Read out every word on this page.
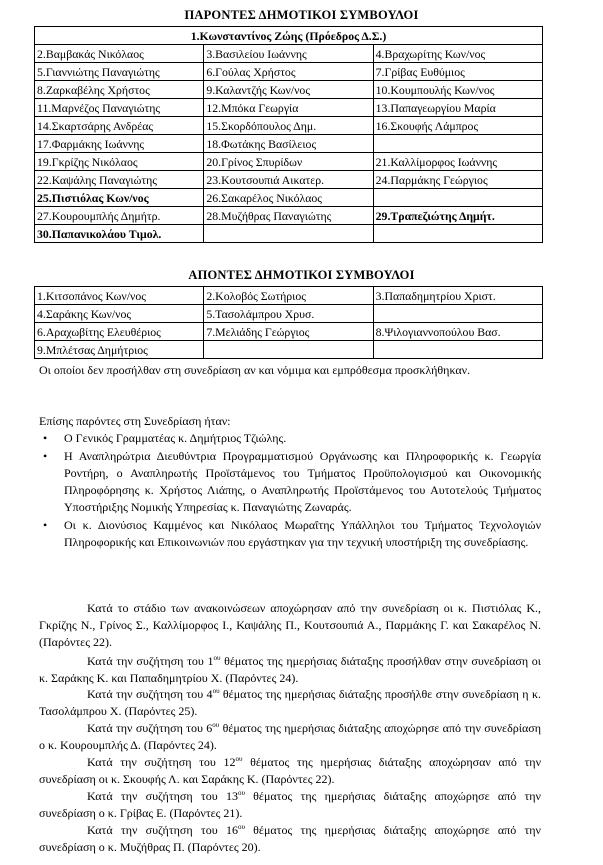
ΠΑΡΟΝΤΕΣ ΔΗΜΟΤΙΚΟΙ ΣΥΜΒΟΥΛΟΙ
1.Κωνσταντίνος Ζώης (Πρόεδρος Δ.Σ.)		
2.Βαμβακάς Νικόλαος	3.Βασιλείου Ιωάννης	4.Βραχωρίτης Κων/νος
5.Γιαννιώτης Παναγιώτης	6.Γούλας Χρήστος	7.Γρίβας Ευθύμιος
8.Ζαρκαβέλης Χρήστος	9.Καλαντζής Κων/νος	10.Κουμπουλής Κων/νος
11.Μαρνέζος Παναγιώτης	12.Μπόκα Γεωργία	13.Παπαγεωργίου Μαρία
14.Σκαρτσάρης Ανδρέας	15.Σκορδόπουλος Δημ.	16.Σκουφής Λάμπρος
17.Φαρμάκης Ιωάννης	18.Φωτάκης Βασίλειος	
19.Γκρίζης Νικόλαος	20.Γρίνος Σπυρίδων	21.Καλλίμορφος Ιωάννης
22.Καψάλης Παναγιώτης	23.Κουτσουπιά Αικατερ.	24.Παρμάκης Γεώργιος
25.Πιστιόλας Κων/νος	26.Σακαρέλος Νικόλαος	
27.Κουρουμπλής Δημήτρ.	28.Μυζήθρας Παναγιώτης	29.Τραπεζιώτης Δημήτ.
30.Παπανικολάου Τιμολ.		
ΑΠΟΝΤΕΣ ΔΗΜΟΤΙΚΟΙ ΣΥΜΒΟΥΛΟΙ
1.Κιτσοπάνος Κων/νος	2.Κολοβός Σωτήριος	3.Παπαδημητρίου Χριστ.
4.Σαράκης Κων/νος	5.Τασολάμπρου Χρυσ.	
6.Αραχωβίτης Ελευθέριος	7.Μελιάδης Γεώργιος	8.Ψιλογιαννοπούλου Βασ.
9.Μπλέτσας Δημήτριος		
Οι οποίοι δεν προσήλθαν στη συνεδρίαση αν και νόμιμα και εμπρόθεσμα προσκλήθηκαν.
Επίσης παρόντες στη Συνεδρίαση ήταν:
• Ο Γενικός Γραμματέας κ. Δημήτριος Τζιώλης.
• Η Αναπληρώτρια Διευθύντρια Προγραμματισμού Οργάνωσης και Πληροφορικής κ. Γεωργία Ροντήρη, ο Αναπληρωτής Προϊστάμενος του Τμήματος Προϋπολογισμού και Οικονομικής Πληροφόρησης κ. Χρήστος Λιάπης, ο Αναπληρωτής Προϊστάμενος του Αυτοτελούς Τμήματος Υποστήριξης Νομικής Υπηρεσίας κ. Παναγιώτης Ζωναράς.
• Οι κ. Διονύσιος Καμμένος και Νικόλαος Μωραΐτης Υπάλληλοι του Τμήματος Τεχνολογιών Πληροφορικής και Επικοινωνιών που εργάστηκαν για την τεχνική υποστήριξη της συνεδρίασης.
Κατά το στάδιο των ανακοινώσεων αποχώρησαν από την συνεδρίαση οι κ. Πιστιόλας Κ., Γκρίζης Ν., Γρίνος Σ., Καλλίμορφος Ι., Καψάλης Π., Κουτσουπιά Α., Παρμάκης Γ. και Σακαρέλος Ν. (Παρόντες 22).
Κατά την συζήτηση του $1^{o\upsilon}$ θέματος της ημερήσιας διάταξης προσήλθαν στην συνεδρίαση οι κ. Σαράκης Κ. και Παπαδημητρίου Χ. (Παρόντες 24).
Κατά την συζήτηση του $4^{o\upsilon}$ θέματος της ημερήσιας διάταξης προσήλθε στην συνεδρίαση η κ. Τασολάμπρου Χ. (Παρόντες 25).
Κατά την συζήτηση του $6^{o\upsilon}$ θέματος της ημερήσιας διάταξης αποχώρησε από την συνεδρίαση ο κ. Κουρουμπλής Δ. (Παρόντες 24).
Κατά την συζήτηση του $12^{o\upsilon}$ θέματος της ημερήσιας διάταξης αποχώρησαν από την συνεδρίαση οι κ. Σκουφής Λ. και Σαράκης Κ. (Παρόντες 22).
Κατά την συζήτηση του $13^{o\upsilon}$ θέματος της ημερήσιας διάταξης αποχώρησε από την συνεδρίαση ο κ. Γρίβας Ε. (Παρόντες 21).
Κατά την συζήτηση του $16^{o\upsilon}$ θέματος της ημερήσιας διάταξης αποχώρησε από την συνεδρίαση ο κ. Μυζήθρας Π. (Παρόντες 20).
